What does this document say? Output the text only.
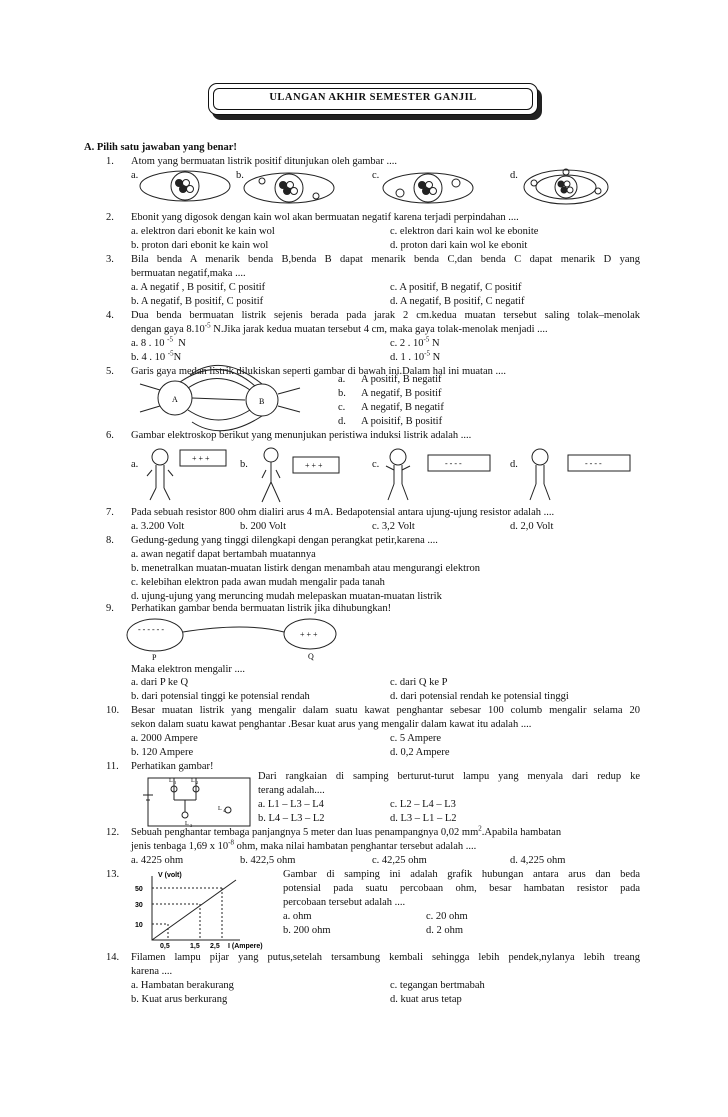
ULANGAN AKHIR SEMESTER GANJIL
A. Pilih satu jawaban yang benar!
1. Atom yang bermuatan listrik positif ditunjukan oleh gambar ....
a.	b.	c.	d.
2. Ebonit yang digosok dengan kain wol akan bermuatan negatif karena terjadi perpindahan ....
a. elektron dari ebonit ke kain wol	c. elektron dari kain wol ke ebonite
b. proton dari ebonit ke kain wol	d. proton dari kain wol ke ebonit
3. Bila benda A menarik benda B,benda B dapat menarik benda C,dan benda C dapat menarik D yang
bermuatan negatif,maka ....
a. A negatif , B positif, C positif	c. A positif, B negatif, C positif
b. A negatif, B positif, C positif	d. A negatif, B positif, C negatif
4. Dua benda bermuatan listrik sejenis berada pada jarak 2 cm.kedua muatan tersebut saling tolak–menolak
dengan gaya $8.10^{-5}$ N.Jika jarak kedua muatan tersebut 4 cm, maka gaya tolak-menolak menjadi ....
a. 8 . 10 $^{-5}$ N	c. 2 . $10^{-5}$ N
b. 4 . 10 $^{-5}$N	d. 1 . $10^{-5}$ N
5. Garis gaya medan listrik dilukiskan seperti gambar di bawah ini.Dalam hal ini muatan ....
A	B
a. A positif, B negatif
b. A negatif, B positif
c. A negatif, B negatif
d. A poisitif, B positif
6. Gambar elektroskop berikut yang menunjukan peristiwa induksi listrik adalah ....
a.	b.	c.	d.
+ + +
+ + +	- - - -	- - - -
7. Pada sebuah resistor 800 ohm dialiri arus 4 mA. Bedapotensial antara ujung-ujung resistor adalah ....
a. 3.200 Volt	b. 200 Volt	c. 3,2 Volt	d. 2,0 Volt
8. Gedung-gedung yang tinggi dilengkapi dengan perangkat petir,karena ....
a. awan negatif dapat bertambah muatannya
b. menetralkan muatan-muatan listirk dengan menambah atau mengurangi elektron
c. kelebihan elektron pada awan mudah mengalir pada tanah
d. ujung-ujung yang meruncing mudah melepaskan muatan-muatan listrik
9. Perhatikan gambar benda bermuatan listrik jika dihubungkan!
- - - - - -
+ + +
P	Q
Maka elektron mengalir ....
a. dari P ke Q	c. dari Q ke P
b. dari potensial tinggi ke potensial rendah	d. dari potensial rendah ke potensial tinggi
10. Besar muatan listrik yang mengalir dalam suatu kawat penghantar sebesar 100 columb mengalir selama 20
sekon dalam suatu kawat penghantar .Besar kuat arus yang mengalir dalam kawat itu adalah ....
a. 2000 Ampere	c. 5 Ampere
b. 120 Ampere	d. 0,2 Ampere
11. Perhatikan gambar!
L 1 L 2
L 3
L 4
Dari rangkaian di samping berturut-turut lampu yang menyala dari redup ke
terang adalah....
a. L1 – L3 – L4	c. L2 – L4 – L3
b. L4 – L3 – L2	d. L3 – L1 – L2
12. Sebuah penghantar tembaga panjangnya 5 meter dan luas penampangnya 0,02 $mm^2.Apabila$ hambatan
jenis tenbaga 1,69 x $10^{-8}$ ohm, maka nilai hambatan penghantar tersebut adalah ....
a. 4225 ohm	b. 422,5 ohm	c. 42,25 ohm	d. 4,225 ohm
13.	V (volt)
I (Ampere)
50
30
10
0,5	1,5 2,5
Gambar di samping ini adalah grafik hubungan antara arus dan beda
potensial pada suatu percobaan ohm, besar hambatan resistor pada
percobaan tersebut adalah ....
a. ohm	c. 20 ohm
b. 200 ohm	d. 2 ohm
14. Filamen lampu pijar yang putus,setelah tersambung kembali sehingga lebih pendek,nylanya lebih treang
karena ....
a. Hambatan berakurang	c. tegangan bertmabah
b. Kuat arus berkurang	d. kuat arus tetap
